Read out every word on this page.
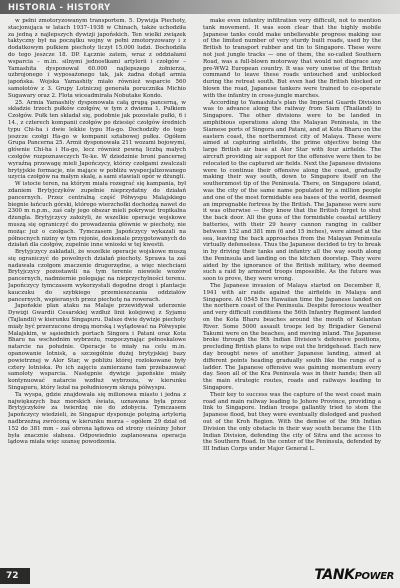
HISTORIA - HISTORY

w pełni zmotoryzowanym transportem. 5. Dywizja Piechoty, stacjonująca w latach 1937–1938 w Chinach, także uchodziła za jedną z najlepszych dywizji japońskich. Ten wielki związek taktyczny był na początku wojny w pełni zmotoryzowany i z dodatkowym pułkiem piechoty liczył 15.000 ludzi. Dochodziła do tego jeszcze 18. DP. Łącznie zatem, wraz z oddziałami wsparcia – m.in. silnymi jednostkami artylerii i czołgów – Yamashita dysponował 60.000 najlepszego żołnierza, uzbrojonego i wyposażonego tak, jak żadna dotąd armia japońska. Wojska Yamashity miało również wsparcie 560 samolotów z 3. Grupy Lotniczej generała porucznika Michio Sugawary oraz 2. Flota wiceadmirała Nobutake Kondo.

25. Armia Yamashity dysponowała całą grupą pancerną, w składzie trzech pułków czołgów, w tym z dwiema 1. Pułkiem Czołgów. Pułk ten składał się, podobnie jak pozostałe pułki, 6 i 14., z czterech kompanii czołgów po dziesięć czołgów średnich typu Chi-ha i dwie lekkie typu Ha-go. Dochodziły do tego jeszcze czołgi Ha-go w kompanii sztabowej pułku. Ogółem Grupa Pancerna 25. Armii dysponowała 211 wozami bojowymi, głównie Chi-ha i Ha-go, lecz również pewną liczbą małych czołgów rozpoznawczych Te-ke. W dziedzinie broni pancernej wyraźną przewagę mieli Japończycy, którzy czołgami zwalczali brytyjskie formacje, nie mające w pobliżu wyspecjalizowanego uzycia czołgów na małym skalę, a sami stawiali opór w dżungli.

W istocie teren, na którym miała rozegrać się kampania, był zdaniem Brytyjczyków zupełnie nieprzydatny do działań pancernych. Przez centralną część Półwyspu Malajskiego biegnie łańcuch górski, którego wierzchołki dochodzą nawet do 2300 m n.p.m., zaś cały jego obszar mieli pokrywać tropikalna dżungla. Brytyjczycy założyli, że wszelkie operacje wojskowe muszą się ograniczyć do prowadzenia głównie w piechoty, nie możąc już o czołgach. Tymczasem Japończycy wykazali na północnych niziny w tym rejonie, doskonale przygotowanych do działań dla czołgów, zupełnie inne wnioski w tej kwestii.

Brytyjczycy zakładali, że wszelkie operacje wojskowe muszą się ograniczyć do powolnych działań piechoty. Sprawa ta zaś nadawała czołgom znaczenie drugorzędne, a więc niechciani Brytyjczycy pozostawili na tym terenie niewiele wozów pancernych, nadmiernie polegając na nieprzychylności terenu. Japończycy tymczasem wykorzystali dogodne drogi i plantacje kauczuku do szybkiego przemieszczania oddziałów pancernych, wspieranych przez piechotę na rowerach.

Japońskie plan ataku na Malaje przewidywał uderzenie Dywizji Gwardii Cesarskiej wzdłuż linii kolejowej z Syjamu (Tajlandii) w kierunku Singapuru. Dalsze dwie dywizje piechoty miały być przerzucone drogą morską i wylądować na Półwyspie Malajskim, w sąsiednich portach Singora i Patani oraz Kota Bharu na wschodnim wybrzeżu, rozpoczynając pełnoskalowe natarcie na południe. Operacje te miały na celu m.in. opanowanie lotnisk, a szczególnie dużej brytyjskiej bazy powietrznej w Alor Star, w pobliżu której rozlokowane były cztery lotniska. Po ich zajęciu zamierzano tam przebazować samoloty wsparcia. Następnie dywizje japońskie miały kontynuować natarcie wzdłuż wybrzeża, w kierunku Singapuru, który leżał na południowym skraju półwyspu.

Ta wyspa, gdzie znajdowała się milionowa miasto i jedna z największych baz morskich świata, uznawana była przez Brytyjczyków za twierdzę nie do zdobycia. Tymczasem Japończycy wiedzieli, że Singapur dysponuje potężną artylerią nadbrzeżną zwróconą w kierunku morza – ogółem 29 dział od 152 do 381 mm – zaś obrona lądowa od strony cieśniny Johor była znacznie słabsza. Odpowiednio zaplanowana operacja lądowa miała więc szansę powodzenia.

make even infantry infiltration very difficult, not to mention tank movement. It was soon clear that the highly mobile Japanese tanks could make unbelievable progress making use of the limited number of very sturdy built roads, used by the British to transport rubber and tin to Singapore. These were not just jungle tracks — one of them, the so-called Southern Road, was a full-blown motorway that would not disgrace any pre-WW2 European country. It was very unwise of the British command to leave these roads untouched and unblocked during the retreat south. But even had the British blocked or blown the road, Japanese tankers were trained to co-operate with the infantry in cross-jungle marches.

According to Yamashita's plan the Imperial Guards Division was to advance along the railway from Siam (Thailand) to Singapore. The other divisions were to be landed in amphibious operations along the Malayan Peninsula, in the Siamese ports of Singora and Patani, and at Kota Bharu on the eastern coast, the northernmost city of Malaya. These were aimed at capturing airfields, the prime objective being the large British air base at Alor Star with four airfields. The aircraft providing air support for the offensive were then to be relocated to the captured air fields. Next the Japanese divisions were to continue their offensive along the coast, gradually making their way south, down to Singapore itself on the southernmost tip of the Peninsula. There, on Singapore island, was the city of the same name populated by a million people and one of the most formidable sea bases of the world, deemed an impregnable fortress by the British. The Japanese were sure it was otherwise — they knew that the British forget to shut the back door. All the guns of the formidable coastal artillery batteries, with their 29 heavy cannon ranging in caliber between 152 and 381 mm (6 and 15 inches), were aimed at the sea, leaving the back approaches from the Malayan Peninsula virtually defenseless. Thus the Japanese decided to try to break in by driving their tanks and infantry all the way south along the Peninsula and landing on the kitchen doorstep. They were aided by the ignorance of the British military, who deemed such a raid by armored troops impossible. As the future was soon to prove, they were wrong.

The Japanese invasion of Malaya started on December 8, 1941 with air raids against the airfields in Malaya and Singapore. At 0545 hrs Hawaiian time the Japanese landed on the northern coast of the Peninsula. Despite ferocious weather and very difficult conditions the 56th Infantry Regiment landed on the Kota Bharu beaches around the mouth of Kelantan River. Some 5000 assault troops led by Brigadier General Takumi were on the beaches, and moving inland. The Japanese broke through the 9th Indian Division's defensive positions, precluding British plans to wipe out the bridgehead. Each new day brought news of another Japanese landing, aimed at different points heading gradually south like the rungs of a ladder. The Japanese offensive was gaining momentum every day. Soon all of the Kra Peninsula was in their hands; then all the main strategic routes, roads and railways leading to Singapore.

Their key to success was the capture of the west coast main road and main railway leading to Johore Province, providing a link to Singapore. Indian troops gallantly tried to stem the Japanese flood, but they were eventually dislodged and pushed out of the Kroh Region. With the demise of the 9th Indian Division the only obstacle in their way south became the 11th Indian Division, defending the city of Sitra and the access to the Southern Road. In the center of the Peninsula, defended by III Indian Corps under Major General L.

72	TANKPOWER
